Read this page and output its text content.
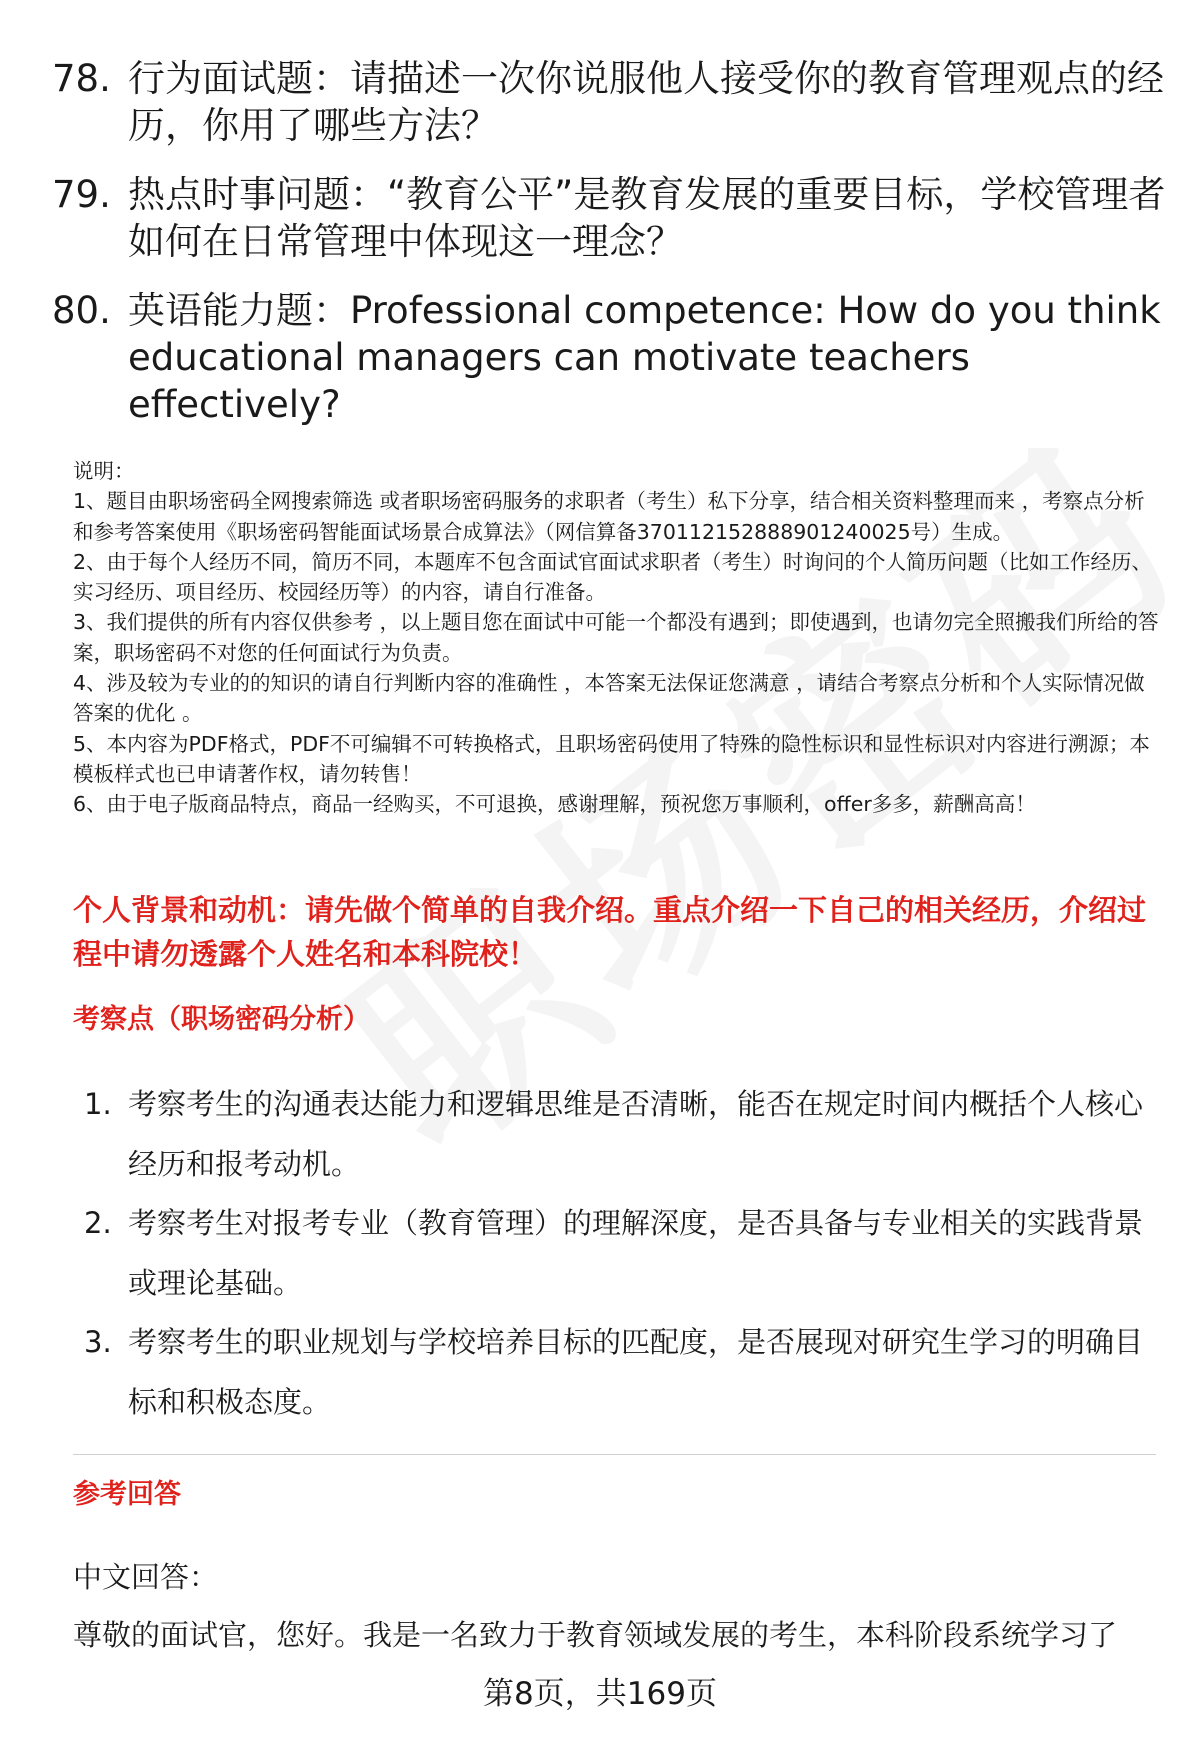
78. 行为面试题：请描述一次你说服他人接受你的教育管理观点的经历，你用了哪些方法？
79. 热点时事问题：“教育公平”是教育发展的重要目标，学校管理者如何在日常管理中体现这一理念？
80. 英语能力题：Professional competence: How do you think educational managers can motivate teachers effectively?
说明：
1、题目由职场密码全网搜索筛选 或者职场密码服务的求职者（考生）私下分享，结合相关资料整理而来 ，考察点分析和参考答案使用《职场密码智能面试场景合成算法》（网信算备370112152888901240025号）生成。
2、由于每个人经历不同，简历不同，本题库不包含面试官面试求职者（考生）时询问的个人简历问题（比如工作经历、实习经历、项目经历、校园经历等）的内容，请自行准备。
3、我们提供的所有内容仅供参考 ，以上题目您在面试中可能一个都没有遇到；即使遇到，也请勿完全照搬我们所给的答案，职场密码不对您的任何面试行为负责。
4、涉及较为专业的的知识的请自行判断内容的准确性 ，本答案无法保证您满意 ，请结合考察点分析和个人实际情况做答案的优化 。
5、本内容为PDF格式，PDF不可编辑不可转换格式，且职场密码使用了特殊的隐性标识和显性标识对内容进行溯源；本模板样式也已申请著作权，请勿转售！
6、由于电子版商品特点，商品一经购买，不可退换，感谢理解，预祝您万事顺利，offer多多，薪酬高高！
个人背景和动机：请先做个简单的自我介绍。重点介绍一下自己的相关经历，介绍过程中请勿透露个人姓名和本科院校！
考察点（职场密码分析）
1. 考察考生的沟通表达能力和逻辑思维是否清晰，能否在规定时间内概括个人核心经历和报考动机。
2. 考察考生对报考专业（教育管理）的理解深度，是否具备与专业相关的实践背景或理论基础。
3. 考察考生的职业规划与学校培养目标的匹配度，是否展现对研究生学习的明确目标和积极态度。
参考回答
中文回答：
尊敬的面试官，您好。我是一名致力于教育领域发展的考生，本科阶段系统学习了
第8页，共169页
